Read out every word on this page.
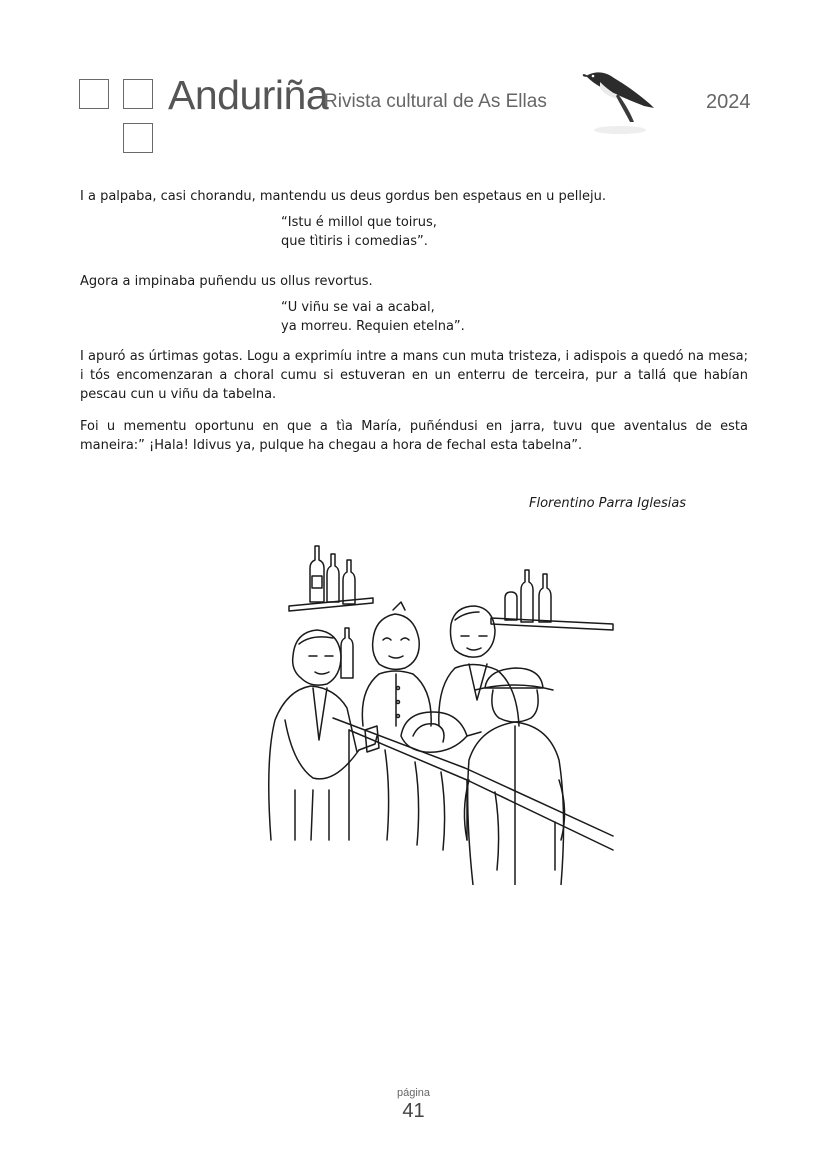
Anduriña
Rivista cultural de As Ellas	2024

I a palpaba, casi chorandu, mantendu us deus gordus ben espetaus en u pelleju.

“Istu é millol que toirus,
que tìtiris i comedias”.

Agora a impinaba puñendu us ollus revortus.

“U viñu se vai a acabal,
ya morreu. Requien etelna”.

I apuró as úrtimas gotas. Logu a exprimíu intre a mans cun muta tristeza, i adispois a quedó na mesa; i tós encomenzaran a choral cumu si estuveran en un enterru de terceira, pur a tallá que habían pescau cun u viñu da tabelna.

Foi u mementu oportunu en que a tìa María, puñéndusi en jarra, tuvu que aventalus de esta maneira:” ¡Hala! Idivus ya, pulque ha chegau a hora de fechal esta tabelna”.

Florentino Parra Iglesias
página
41
